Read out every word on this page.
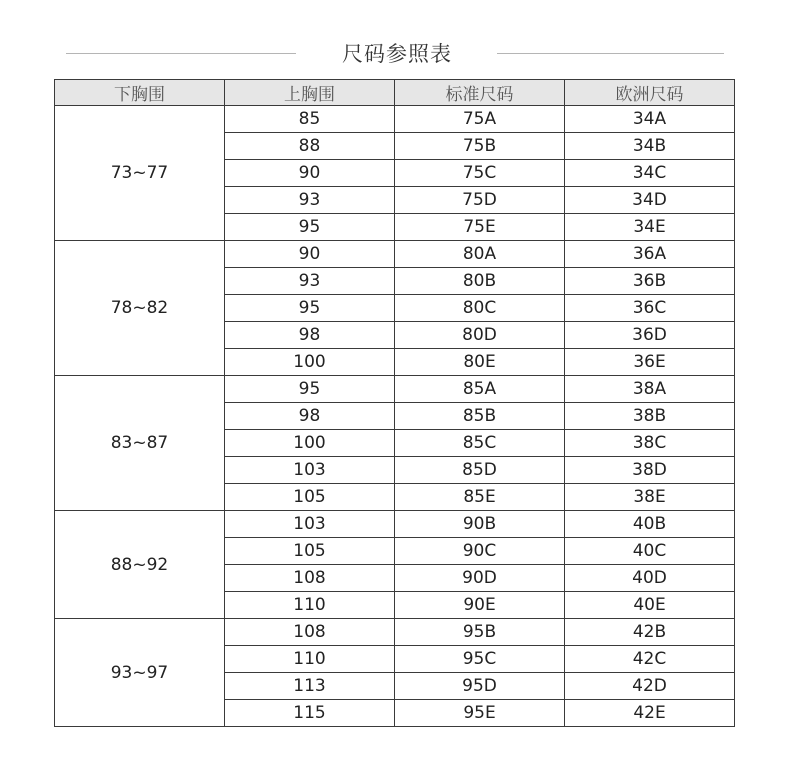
尺码参照表
下胸围	上胸围	标准尺码	欧洲尺码
73~77	85	75A	34A
	88	75B	34B
	90	75C	34C
	93	75D	34D
	95	75E	34E
78~82	90	80A	36A
	93	80B	36B
	95	80C	36C
	98	80D	36D
	100	80E	36E
83~87	95	85A	38A
	98	85B	38B
	100	85C	38C
	103	85D	38D
	105	85E	38E
88~92	103	90B	40B
	105	90C	40C
	108	90D	40D
	110	90E	40E
93~97	108	95B	42B
	110	95C	42C
	113	95D	42D
	115	95E	42E
